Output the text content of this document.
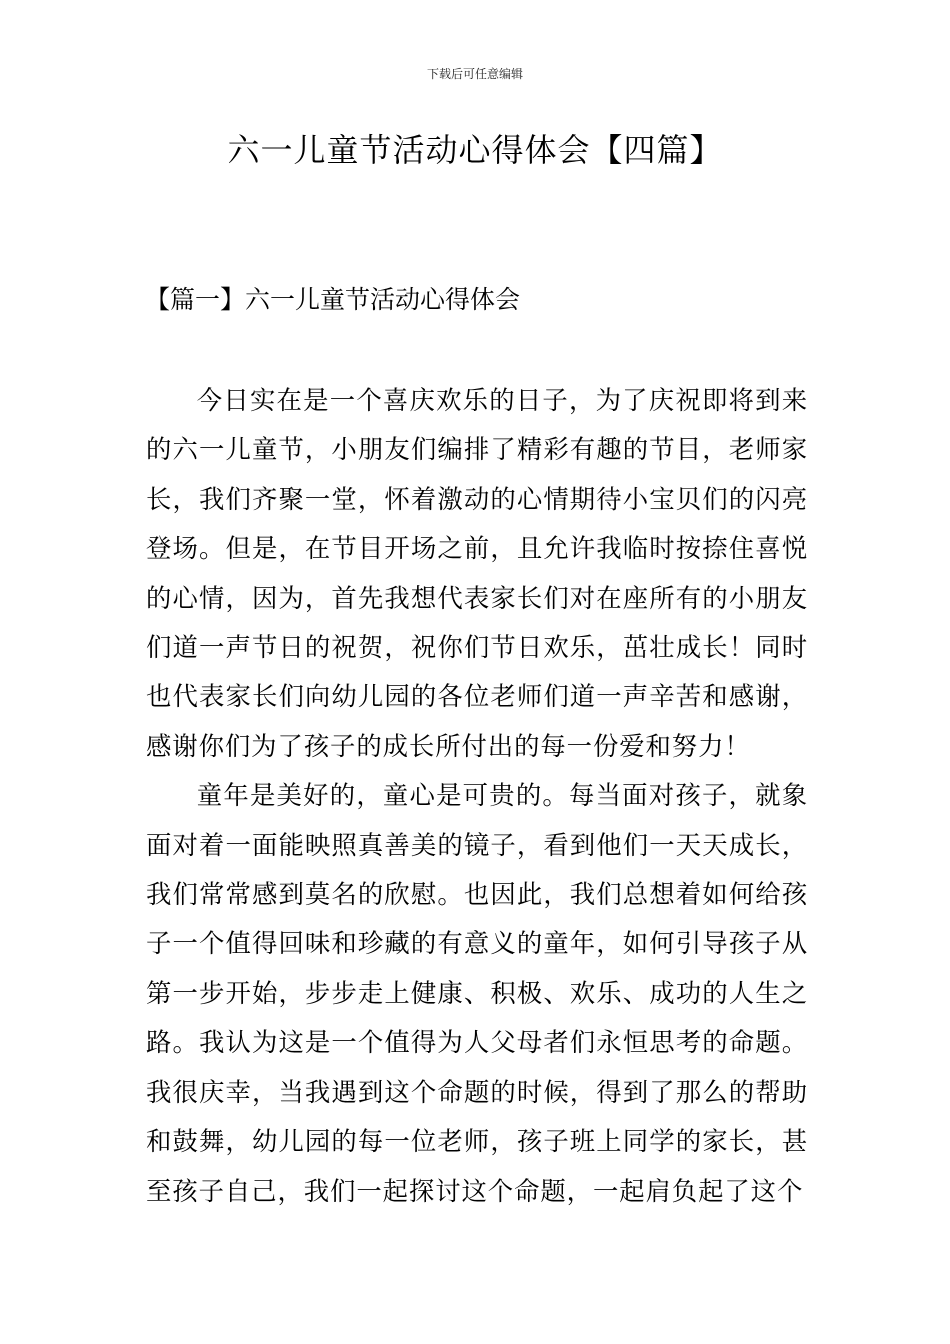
下载后可任意编辑
六一儿童节活动心得体会【四篇】
【篇一】六一儿童节活动心得体会

今日实在是一个喜庆欢乐的日子，为了庆祝即将到来的六一儿童节，小朋友们编排了精彩有趣的节目，老师家长，我们齐聚一堂，怀着激动的心情期待小宝贝们的闪亮登场。但是，在节目开场之前，且允许我临时按捺住喜悦的心情，因为，首先我想代表家长们对在座所有的小朋友们道一声节日的祝贺，祝你们节日欢乐，茁壮成长！同时也代表家长们向幼儿园的各位老师们道一声辛苦和感谢，感谢你们为了孩子的成长所付出的每一份爱和努力！

童年是美好的，童心是可贵的。每当面对孩子，就象面对着一面能映照真善美的镜子，看到他们一天天成长，我们常常感到莫名的欣慰。也因此，我们总想着如何给孩子一个值得回味和珍藏的有意义的童年，如何引导孩子从第一步开始，步步走上健康、积极、欢乐、成功的人生之路。我认为这是一个值得为人父母者们永恒思考的命题。我很庆幸，当我遇到这个命题的时候，得到了那么的帮助和鼓舞，幼儿园的每一位老师，孩子班上同学的家长，甚至孩子自己，我们一起探讨这个命题，一起肩负起了这个
